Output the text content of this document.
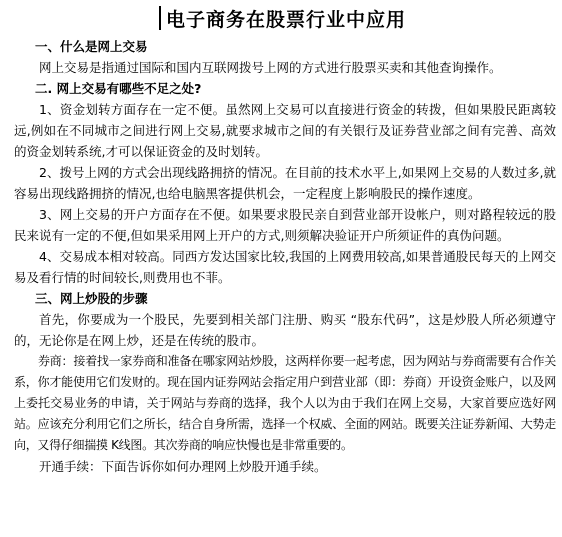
电子商务在股票行业中应用
一、什么是网上交易

网上交易是指通过国际和国内互联网拨号上网的方式进行股票买卖和其他查询操作。

二. 网上交易有哪些不足之处?

1、资金划转方面存在一定不便。虽然网上交易可以直接进行资金的转拨，但如果股民距离较远,例如在不同城市之间进行网上交易,就要求城市之间的有关银行及证券营业部之间有完善、高效的资金划转系统,才可以保证资金的及时划转。

2、拨号上网的方式会出现线路拥挤的情况。在目前的技术水平上,如果网上交易的人数过多,就容易出现线路拥挤的情况,也给电脑黑客提供机会，一定程度上影响股民的操作速度。

3、网上交易的开户方面存在不便。如果要求股民亲自到营业部开设帐户，则对路程较远的股民来说有一定的不便,但如果采用网上开户的方式,则须解决验证开户所须证件的真伪问题。

4、交易成本相对较高。同西方发达国家比较,我国的上网费用较高,如果普通股民每天的上网交易及看行情的时间较长,则费用也不菲。

三、网上炒股的步骤

首先，你要成为一个股民，先要到相关部门注册、购买 “股东代码”，这是炒股人所必须遵守的，无论你是在网上炒，还是在传统的股市。

券商：接着找一家券商和准备在哪家网站炒股，这两样你要一起考虑，因为网站与券商需要有合作关系，你才能使用它们发财的。现在国内证券网站会指定用户到营业部（即：券商）开设资金账户，以及网上委托交易业务的申请，关于网站与券商的选择，我个人以为由于我们在网上交易，大家首要应选好网站。应该充分利用它们之所长，结合自身所需，选择一个权威、全面的网站。既要关注证券新闻、大势走向，又得仔细揣摸 K线图。其次券商的响应快慢也是非常重要的。

开通手续：下面告诉你如何办理网上炒股开通手续。
